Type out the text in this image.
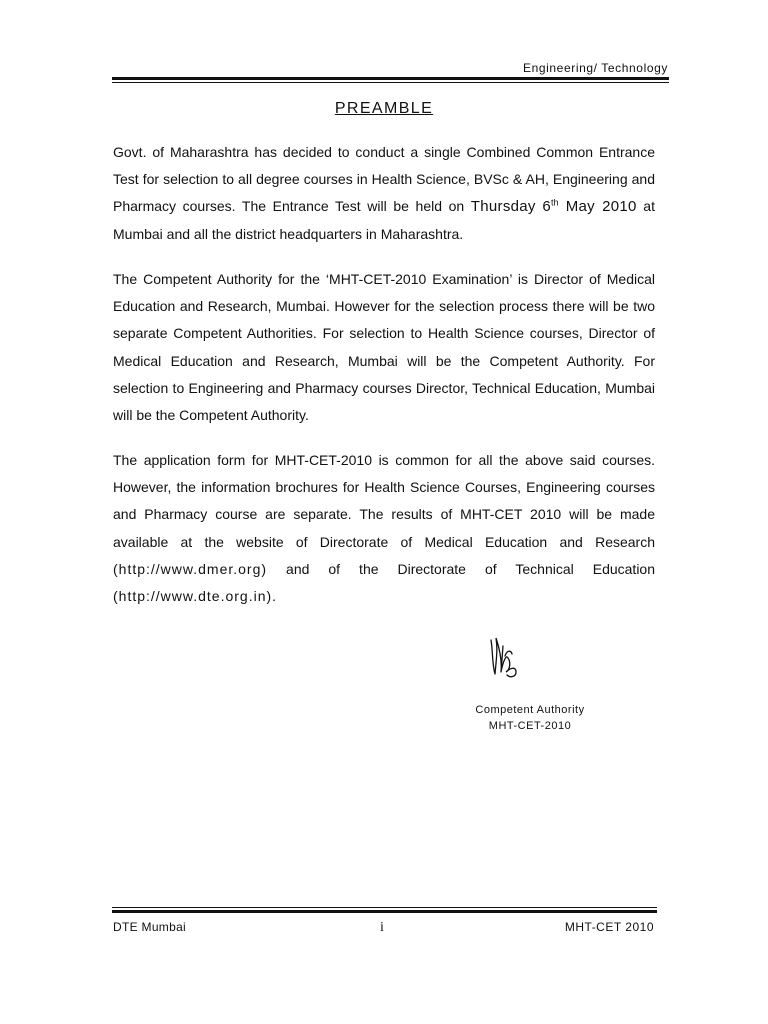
Engineering/ Technology
PREAMBLE

Govt. of Maharashtra has decided to conduct a single Combined Common Entrance Test for selection to all degree courses in Health Science, BVSc & AH, Engineering and Pharmacy courses. The Entrance Test will be held on Thursday 6th May 2010 at Mumbai and all the district headquarters in Maharashtra.

The Competent Authority for the ‘MHT-CET-2010 Examination’ is Director of Medical Education and Research, Mumbai. However for the selection process there will be two separate Competent Authorities. For selection to Health Science courses, Director of Medical Education and Research, Mumbai will be the Competent Authority. For selection to Engineering and Pharmacy courses Director, Technical Education, Mumbai will be the Competent Authority.

The application form for MHT-CET-2010 is common for all the above said courses. However, the information brochures for Health Science Courses, Engineering courses and Pharmacy course are separate. The results of MHT-CET 2010 will be made available at the website of Directorate of Medical Education and Research (http://www.dmer.org) and of the Directorate of Technical Education (http://www.dte.org.in).

Competent Authority
MHT-CET-2010
DTE Mumbai	i	MHT-CET 2010
